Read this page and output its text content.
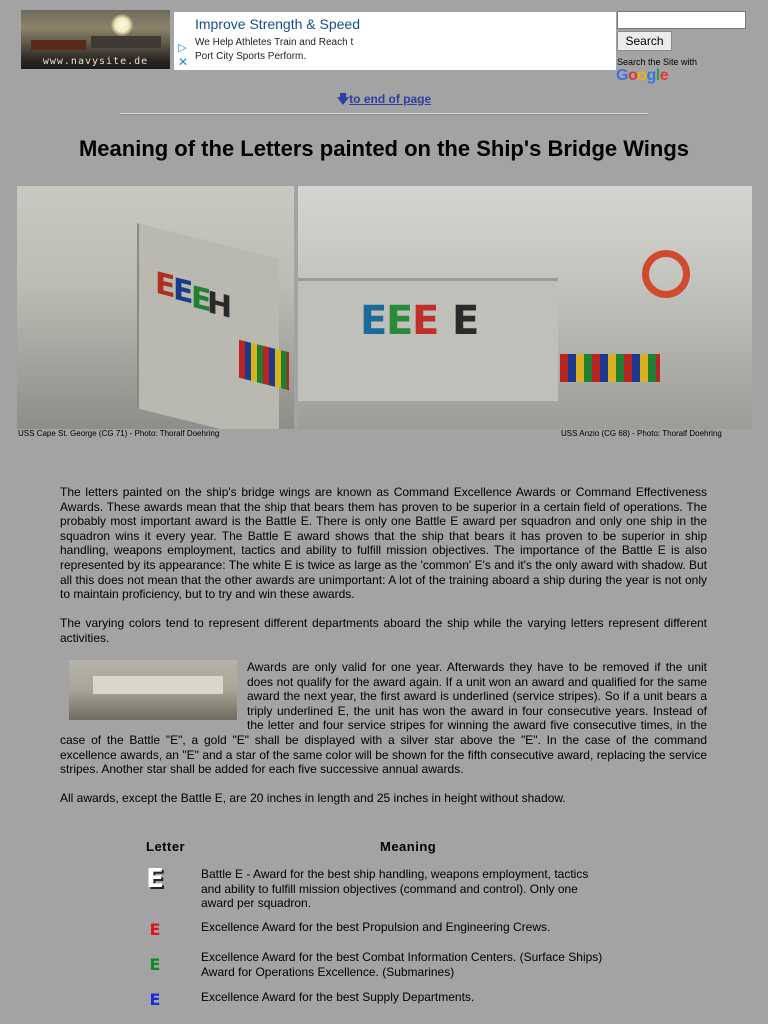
www.navysite.de
▷
✕
Improve Strength & Speed
We Help Athletes Train and Reach t
Port City Sports Perform.
Search
Search the Site with
Google
🡇to end of page
Meaning of the Letters painted on the Ship's Bridge Wings
E
E
E
H	E
E
E E
USS Cape St. George (CG 71) - Photo: Thoralf Doehring	USS Anzio (CG 68) - Photo: Thoralf Doehring
The letters painted on the ship's bridge wings are known as Command Excellence Awards or Command Effectiveness Awards. These awards mean that the ship that bears them has proven to be superior in a certain field of operations. The probably most important award is the Battle E. There is only one Battle E award per squadron and only one ship in the squadron wins it every year. The Battle E award shows that the ship that bears it has proven to be superior in ship handling, weapons employment, tactics and ability to fulfill mission objectives. The importance of the Battle E is also represented by its appearance: The white E is twice as large as the 'common' E's and it's the only award with shadow. But all this does not mean that the other awards are unimportant: A lot of the training aboard a ship during the year is not only to maintain proficiency, but to try and win these awards.
The varying colors tend to represent different departments aboard the ship while the varying letters represent different activities.
Awards are only valid for one year. Afterwards they have to be removed if the unit does not qualify for the award again. If a unit won an award and qualified for the same award the next year, the first award is underlined (service stripes). So if a unit bears a triply underlined E, the unit has won the award in four consecutive years. Instead of the letter and four service stripes for winning the award five consecutive times, in the case of the Battle "E", a gold "E" shall be displayed with a silver star above the "E". In the case of the command excellence awards, an "E" and a star of the same color will be shown for the fifth consecutive award, replacing the service stripes. Another star shall be added for each five successive annual awards.
All awards, except the Battle E, are 20 inches in length and 25 inches in height without shadow.
Letter	Meaning
E	Battle E - Award for the best ship handling, weapons employment, tactics and ability to fulfill mission objectives (command and control). Only one award per squadron.
E	Excellence Award for the best Propulsion and Engineering Crews.
E	Excellence Award for the best Combat Information Centers. (Surface Ships) Award for Operations Excellence. (Submarines)
E	Excellence Award for the best Supply Departments.
